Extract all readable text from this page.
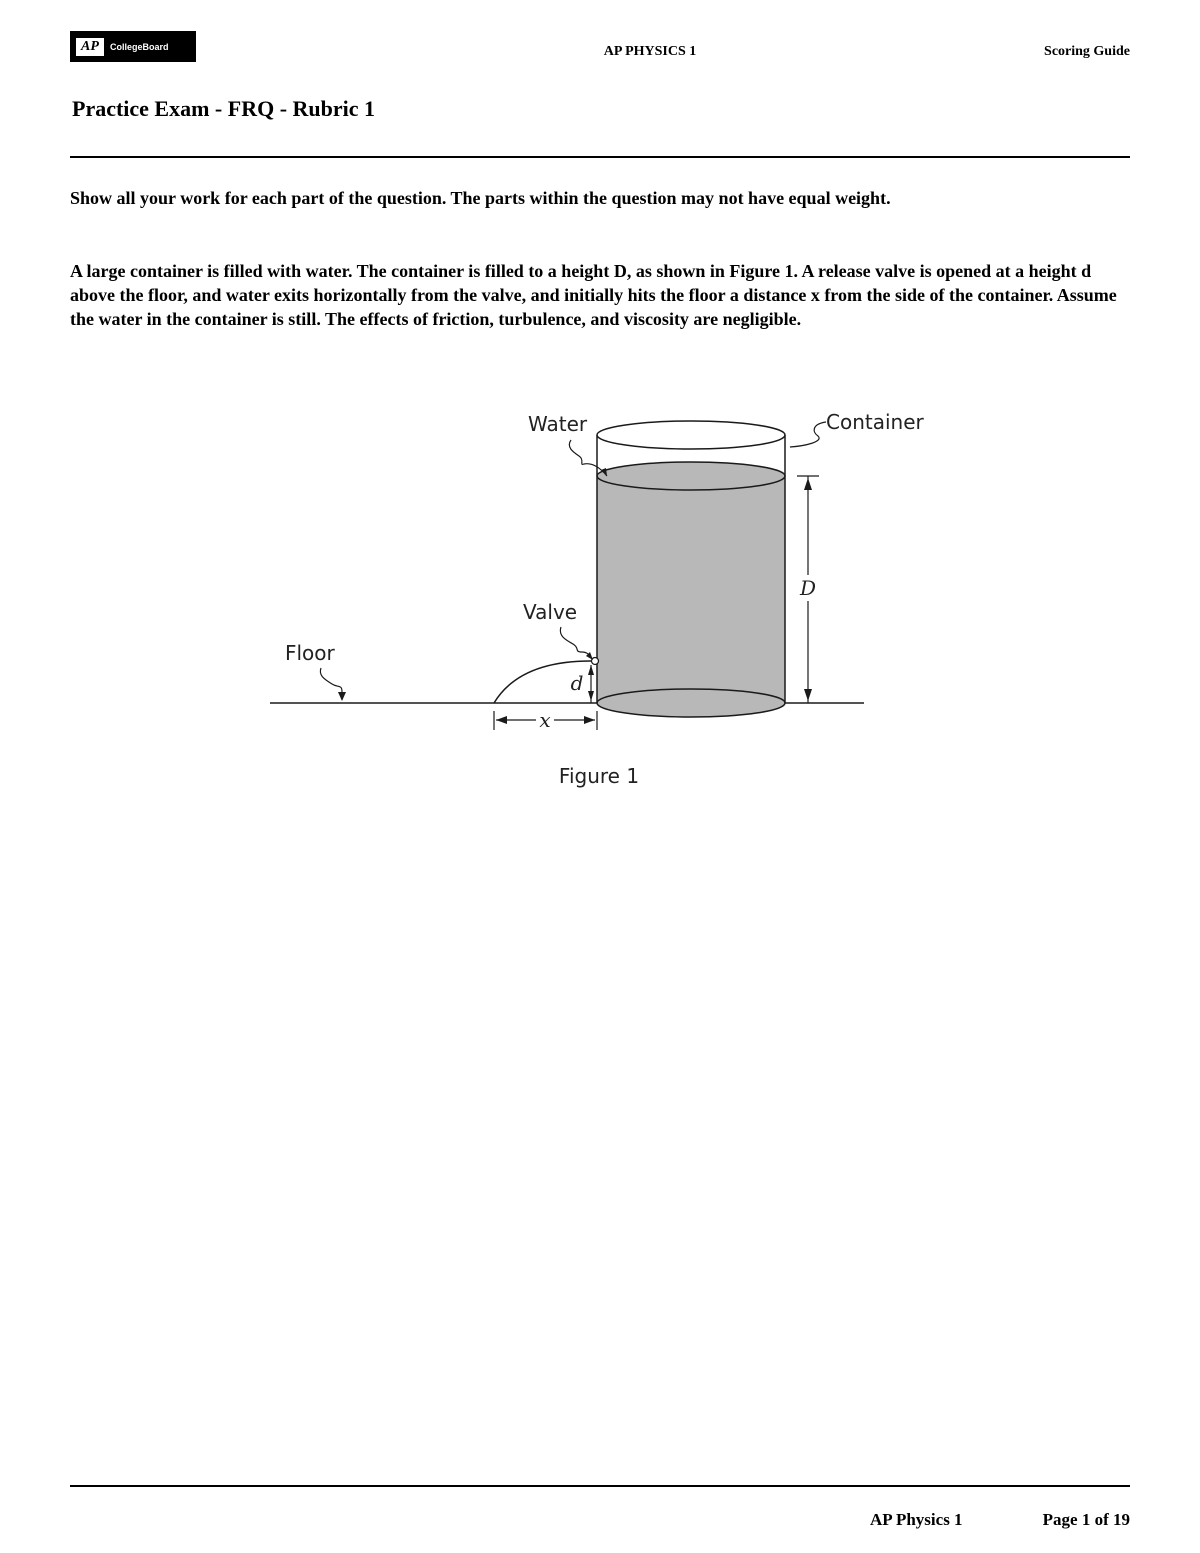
AP	CollegeBoard	AP PHYSICS 1	Scoring Guide
Practice Exam - FRQ - Rubric 1
Show all your work for each part of the question. The parts within the question may not have equal weight.
A large container is filled with water. The container is filled to a height D, as shown in Figure 1. A release valve is opened at a height d above the floor, and water exits horizontally from the valve, and initially hits the floor a distance x from the side of the container. Assume the water in the container is still. The effects of friction, turbulence, and viscosity are negligible.
D
d
x
Water	Container
Valve
Floor
Figure 1
AP Physics 1	Page 1 of 19
